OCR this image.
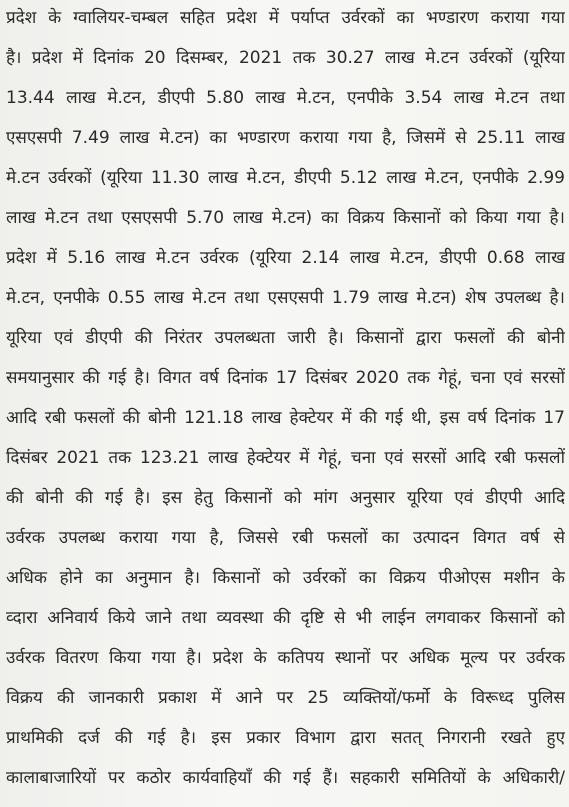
प्रदेश के ग्वालियर-चम्बल सहित प्रदेश में पर्याप्त उर्वरकों का भण्डारण कराया गया
है। प्रदेश में दिनांक 20 दिसम्बर, 2021 तक 30.27 लाख मे.टन उर्वरकों (यूरिया
13.44 लाख मे.टन, डीएपी 5.80 लाख मे.टन, एनपीके 3.54 लाख मे.टन तथा
एसएसपी 7.49 लाख मे.टन) का भण्डारण कराया गया है, जिसमें से 25.11 लाख
मे.टन उर्वरकों (यूरिया 11.30 लाख मे.टन, डीएपी 5.12 लाख मे.टन, एनपीके 2.99
लाख मे.टन तथा एसएसपी 5.70 लाख मे.टन) का विक्रय किसानों को किया गया है।
प्रदेश में 5.16 लाख मे.टन उर्वरक (यूरिया 2.14 लाख मे.टन, डीएपी 0.68 लाख
मे.टन, एनपीके 0.55 लाख मे.टन तथा एसएसपी 1.79 लाख मे.टन) शेष उपलब्ध है।
यूरिया एवं डीएपी की निरंतर उपलब्धता जारी है। किसानों द्वारा फसलों की बोनी
समयानुसार की गई है। विगत वर्ष दिनांक 17 दिसंबर 2020 तक गेहूं, चना एवं सरसों
आदि रबी फसलों की बोनी 121.18 लाख हेक्टेयर में की गई थी, इस वर्ष दिनांक 17
दिसंबर 2021 तक 123.21 लाख हेक्टेयर में गेहूं, चना एवं सरसों आदि रबी फसलों
की बोनी की गई है। इस हेतु किसानों को मांग अनुसार यूरिया एवं डीएपी आदि
उर्वरक उपलब्ध कराया गया है, जिससे रबी फसलों का उत्पादन विगत वर्ष से
अधिक होने का अनुमान है। किसानों को उर्वरकों का विक्रय पीओएस मशीन के
व्दारा अनिवार्य किये जाने तथा व्यवस्था की दृष्टि से भी लाईन लगवाकर किसानों को
उर्वरक वितरण किया गया है। प्रदेश के कतिपय स्थानों पर अधिक मूल्य पर उर्वरक
विक्रय की जानकारी प्रकाश में आने पर 25 व्यक्तियों/फर्मो के विरूध्द पुलिस
प्राथमिकी दर्ज की गई है। इस प्रकार विभाग द्वारा सतत् निगरानी रखते हुए
कालाबाजारियों पर कठोर कार्यवाहियाँ की गई हैं। सहकारी समितियों के अधिकारी/
